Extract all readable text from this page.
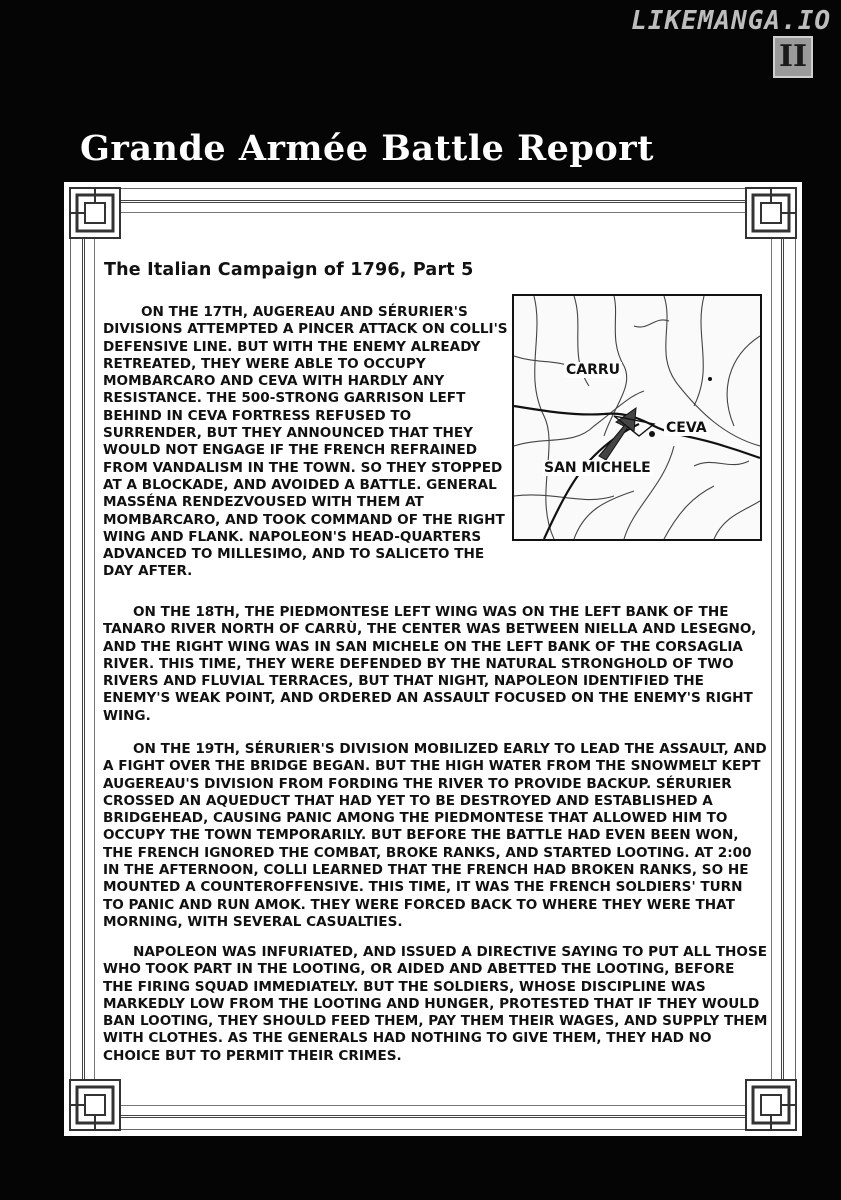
LIKEMANGA.IO
II
Grande Armée Battle Report
The Italian Campaign of 1796, Part 5
CARRU
CEVA
SAN MICHELE

ON THE 17TH, AUGEREAU AND SÉRURIER'S DIVISIONS ATTEMPTED A PINCER ATTACK ON COLLI'S DEFENSIVE LINE. BUT WITH THE ENEMY ALREADY RETREATED, THEY WERE ABLE TO OCCUPY MOMBARCARO AND CEVA WITH HARDLY ANY RESISTANCE. THE 500-STRONG GARRISON LEFT BEHIND IN CEVA FORTRESS REFUSED TO SURRENDER, BUT THEY ANNOUNCED THAT THEY WOULD NOT ENGAGE IF THE FRENCH REFRAINED FROM VANDALISM IN THE TOWN. SO THEY STOPPED AT A BLOCKADE, AND AVOIDED A BATTLE. GENERAL MASSÉNA RENDEZVOUSED WITH THEM AT MOMBARCARO, AND TOOK COMMAND OF THE RIGHT WING AND FLANK. NAPOLEON'S HEAD-QUARTERS ADVANCED TO MILLESIMO, AND TO SALICETO THE DAY AFTER.

ON THE 18TH, THE PIEDMONTESE LEFT WING WAS ON THE LEFT BANK OF THE TANARO RIVER NORTH OF CARRÙ, THE CENTER WAS BETWEEN NIELLA AND LESEGNO, AND THE RIGHT WING WAS IN SAN MICHELE ON THE LEFT BANK OF THE CORSAGLIA RIVER. THIS TIME, THEY WERE DEFENDED BY THE NATURAL STRONGHOLD OF TWO RIVERS AND FLUVIAL TERRACES, BUT THAT NIGHT, NAPOLEON IDENTIFIED THE ENEMY'S WEAK POINT, AND ORDERED AN ASSAULT FOCUSED ON THE ENEMY'S RIGHT WING.

ON THE 19TH, SÉRURIER'S DIVISION MOBILIZED EARLY TO LEAD THE ASSAULT, AND A FIGHT OVER THE BRIDGE BEGAN. BUT THE HIGH WATER FROM THE SNOWMELT KEPT AUGEREAU'S DIVISION FROM FORDING THE RIVER TO PROVIDE BACKUP. SÉRURIER CROSSED AN AQUEDUCT THAT HAD YET TO BE DESTROYED AND ESTABLISHED A BRIDGEHEAD, CAUSING PANIC AMONG THE PIEDMONTESE THAT ALLOWED HIM TO OCCUPY THE TOWN TEMPORARILY. BUT BEFORE THE BATTLE HAD EVEN BEEN WON, THE FRENCH IGNORED THE COMBAT, BROKE RANKS, AND STARTED LOOTING. AT 2:00 IN THE AFTERNOON, COLLI LEARNED THAT THE FRENCH HAD BROKEN RANKS, SO HE MOUNTED A COUNTEROFFENSIVE. THIS TIME, IT WAS THE FRENCH SOLDIERS' TURN TO PANIC AND RUN AMOK. THEY WERE FORCED BACK TO WHERE THEY WERE THAT MORNING, WITH SEVERAL CASUALTIES.

NAPOLEON WAS INFURIATED, AND ISSUED A DIRECTIVE SAYING TO PUT ALL THOSE WHO TOOK PART IN THE LOOTING, OR AIDED AND ABETTED THE LOOTING, BEFORE THE FIRING SQUAD IMMEDIATELY. BUT THE SOLDIERS, WHOSE DISCIPLINE WAS MARKEDLY LOW FROM THE LOOTING AND HUNGER, PROTESTED THAT IF THEY WOULD BAN LOOTING, THEY SHOULD FEED THEM, PAY THEM THEIR WAGES, AND SUPPLY THEM WITH CLOTHES. AS THE GENERALS HAD NOTHING TO GIVE THEM, THEY HAD NO CHOICE BUT TO PERMIT THEIR CRIMES.
